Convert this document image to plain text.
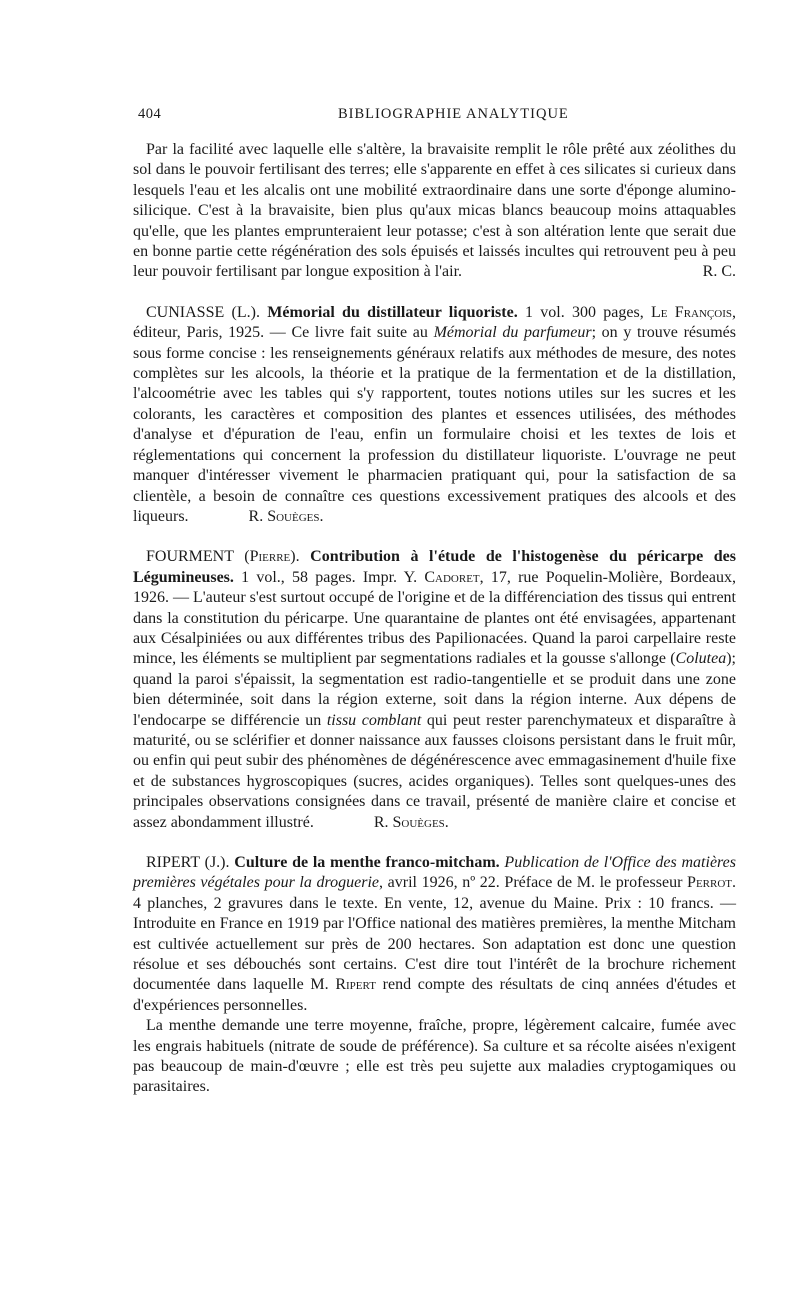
404	BIBLIOGRAPHIE ANALYTIQUE

Par la facilité avec laquelle elle s'altère, la bravaisite remplit le rôle prêté aux zéolithes du sol dans le pouvoir fertilisant des terres; elle s'apparente en effet à ces silicates si curieux dans lesquels l'eau et les alcalis ont une mobilité extraordinaire dans une sorte d'éponge alumino-silicique. C'est à la bravaisite, bien plus qu'aux micas blancs beaucoup moins attaquables qu'elle, que les plantes emprunteraient leur potasse; c'est à son altération lente que serait due en bonne partie cette régénération des sols épuisés et laissés incultes qui retrouvent peu à peu leur pouvoir fertilisant par longue exposition à l'air.	R. C.

CUNIASSE (L.). Mémorial du distillateur liquoriste. 1 vol. 300 pages, Le François, éditeur, Paris, 1925. — Ce livre fait suite au Mémorial du parfumeur; on y trouve résumés sous forme concise : les renseignements généraux relatifs aux méthodes de mesure, des notes complètes sur les alcools, la théorie et la pratique de la fermentation et de la distillation, l'alcoométrie avec les tables qui s'y rapportent, toutes notions utiles sur les sucres et les colorants, les caractères et composition des plantes et essences utilisées, des méthodes d'analyse et d'épuration de l'eau, enfin un formulaire choisi et les textes de lois et réglementations qui concernent la profession du distillateur liquoriste. L'ouvrage ne peut manquer d'intéresser vivement le pharmacien pratiquant qui, pour la satisfaction de sa clientèle, a besoin de connaître ces questions excessivement pratiques des alcools et des liqueurs.	R. Souèges.

FOURMENT (Pierre). Contribution à l'étude de l'histogenèse du péricarpe des Légumineuses. 1 vol., 58 pages. Impr. Y. Cadoret, 17, rue Poquelin-Molière, Bordeaux, 1926. — L'auteur s'est surtout occupé de l'origine et de la différenciation des tissus qui entrent dans la constitution du péricarpe. Une quarantaine de plantes ont été envisagées, appartenant aux Césalpiniées ou aux différentes tribus des Papilionacées. Quand la paroi carpellaire reste mince, les éléments se multiplient par segmentations radiales et la gousse s'allonge (Colutea); quand la paroi s'épaissit, la segmentation est radio-tangentielle et se produit dans une zone bien déterminée, soit dans la région externe, soit dans la région interne. Aux dépens de l'endocarpe se différencie un tissu comblant qui peut rester parenchymateux et disparaître à maturité, ou se sclérifier et donner naissance aux fausses cloisons persistant dans le fruit mûr, ou enfin qui peut subir des phénomènes de dégénérescence avec emmagasinement d'huile fixe et de substances hygroscopiques (sucres, acides organiques). Telles sont quelques-unes des principales observations consignées dans ce travail, présenté de manière claire et concise et assez abondamment illustré.	R. Souèges.

RIPERT (J.). Culture de la menthe franco-mitcham. Publication de l'Office des matières premières végétales pour la droguerie, avril 1926, nº 22. Préface de M. le professeur Perrot. 4 planches, 2 gravures dans le texte. En vente, 12, avenue du Maine. Prix : 10 francs. — Introduite en France en 1919 par l'Office national des matières premières, la menthe Mitcham est cultivée actuellement sur près de 200 hectares. Son adaptation est donc une question résolue et ses débouchés sont certains. C'est dire tout l'intérêt de la brochure richement documentée dans laquelle M. Ripert rend compte des résultats de cinq années d'études et d'expériences personnelles.

La menthe demande une terre moyenne, fraîche, propre, légèrement calcaire, fumée avec les engrais habituels (nitrate de soude de préférence). Sa culture et sa récolte aisées n'exigent pas beaucoup de main-d'œuvre ; elle est très peu sujette aux maladies cryptogamiques ou parasitaires.
